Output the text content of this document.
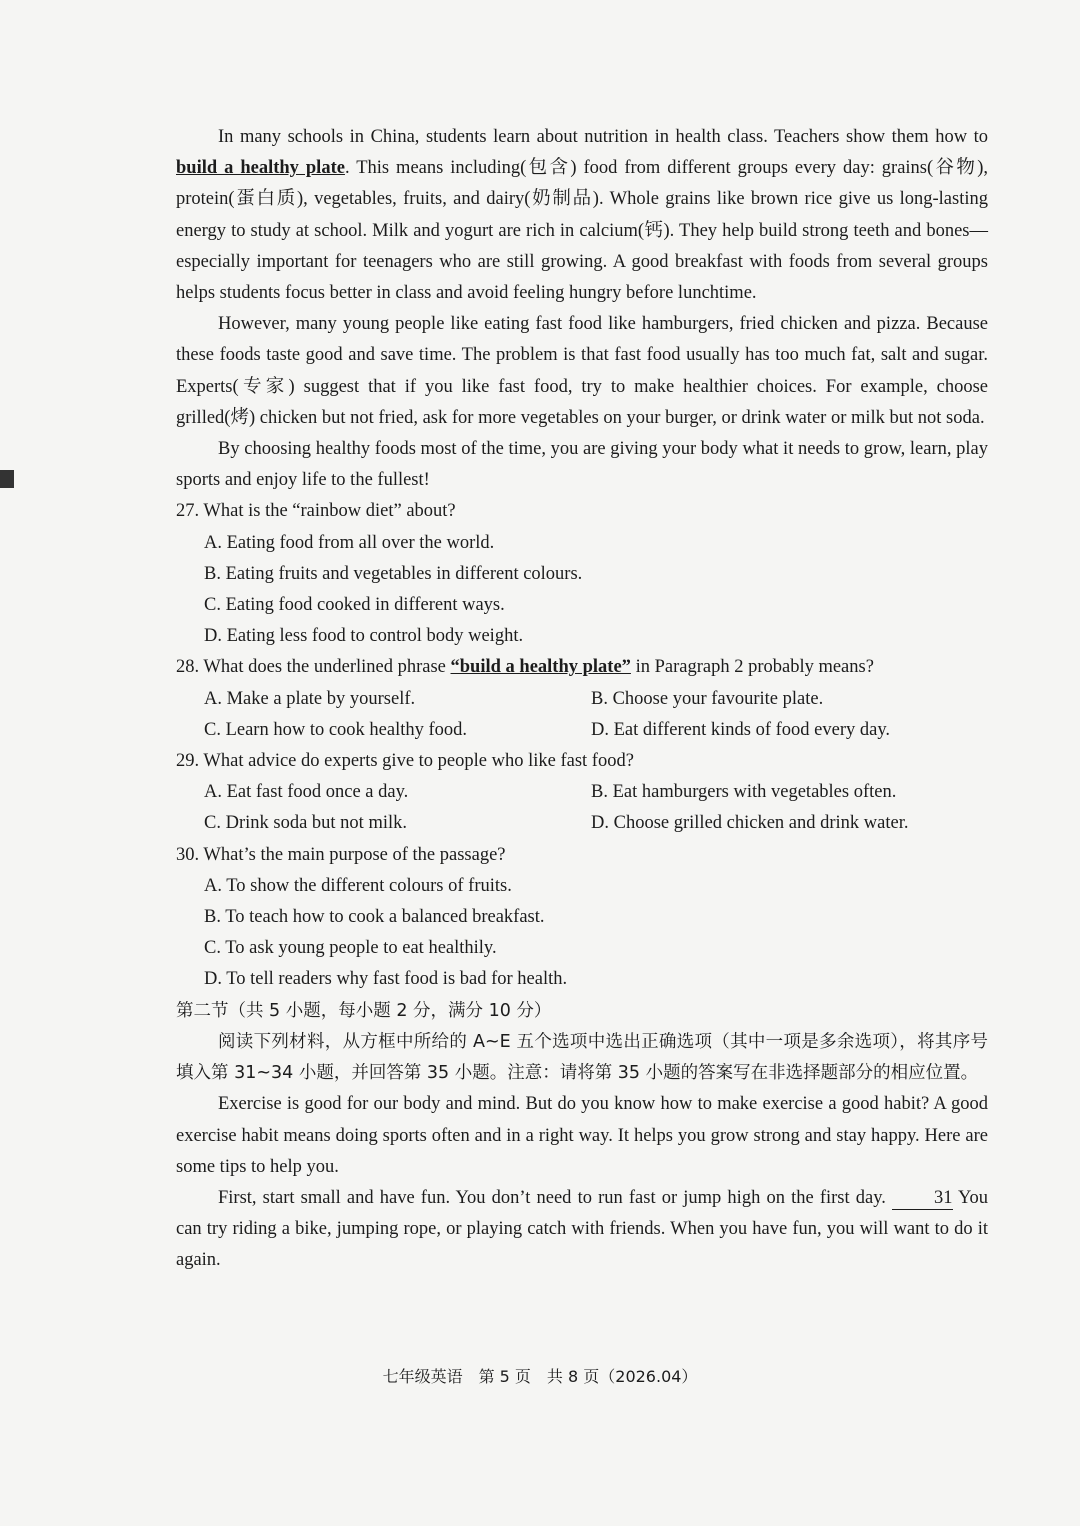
In many schools in China, students learn about nutrition in health class. Teachers show them how to build a healthy plate. This means including(包含) food from different groups every day: grains(谷物), protein(蛋白质), vegetables, fruits, and dairy(奶制品). Whole grains like brown rice give us long-lasting energy to study at school. Milk and yogurt are rich in calcium(钙). They help build strong teeth and bones—especially important for teenagers who are still growing. A good breakfast with foods from several groups helps students focus better in class and avoid feeling hungry before lunchtime.

However, many young people like eating fast food like hamburgers, fried chicken and pizza. Because these foods taste good and save time. The problem is that fast food usually has too much fat, salt and sugar. Experts(专家) suggest that if you like fast food, try to make healthier choices. For example, choose grilled(烤) chicken but not fried, ask for more vegetables on your burger, or drink water or milk but not soda.

By choosing healthy foods most of the time, you are giving your body what it needs to grow, learn, play sports and enjoy life to the fullest!

27. What is the “rainbow diet” about?

A. Eating food from all over the world.

B. Eating fruits and vegetables in different colours.

C. Eating food cooked in different ways.

D. Eating less food to control body weight.

28. What does the underlined phrase “build a healthy plate” in Paragraph 2 probably means?

A. Make a plate by yourself.	B. Choose your favourite plate.
C. Learn how to cook healthy food.	D. Eat different kinds of food every day.

29. What advice do experts give to people who like fast food?

A. Eat fast food once a day.	B. Eat hamburgers with vegetables often.
C. Drink soda but not milk.	D. Choose grilled chicken and drink water.

30. What’s the main purpose of the passage?

A. To show the different colours of fruits.

B. To teach how to cook a balanced breakfast.

C. To ask young people to eat healthily.

D. To tell readers why fast food is bad for health.

第二节（共 5 小题，每小题 2 分，满分 10 分）

阅读下列材料，从方框中所给的 A~E 五个选项中选出正确选项（其中一项是多余选项），将其序号填入第 31~34 小题，并回答第 35 小题。注意：请将第 35 小题的答案写在非选择题部分的相应位置。

Exercise is good for our body and mind. But do you know how to make exercise a good habit? A good exercise habit means doing sports often and in a right way. It helps you grow strong and stay happy. Here are some tips to help you.

First, start small and have fun. You don’t need to run fast or jump high on the first day. 31 You can try riding a bike, jumping rope, or playing catch with friends. When you have fun, you will want to do it again.

七年级英语　第 5 页　共 8 页（2026.04）
